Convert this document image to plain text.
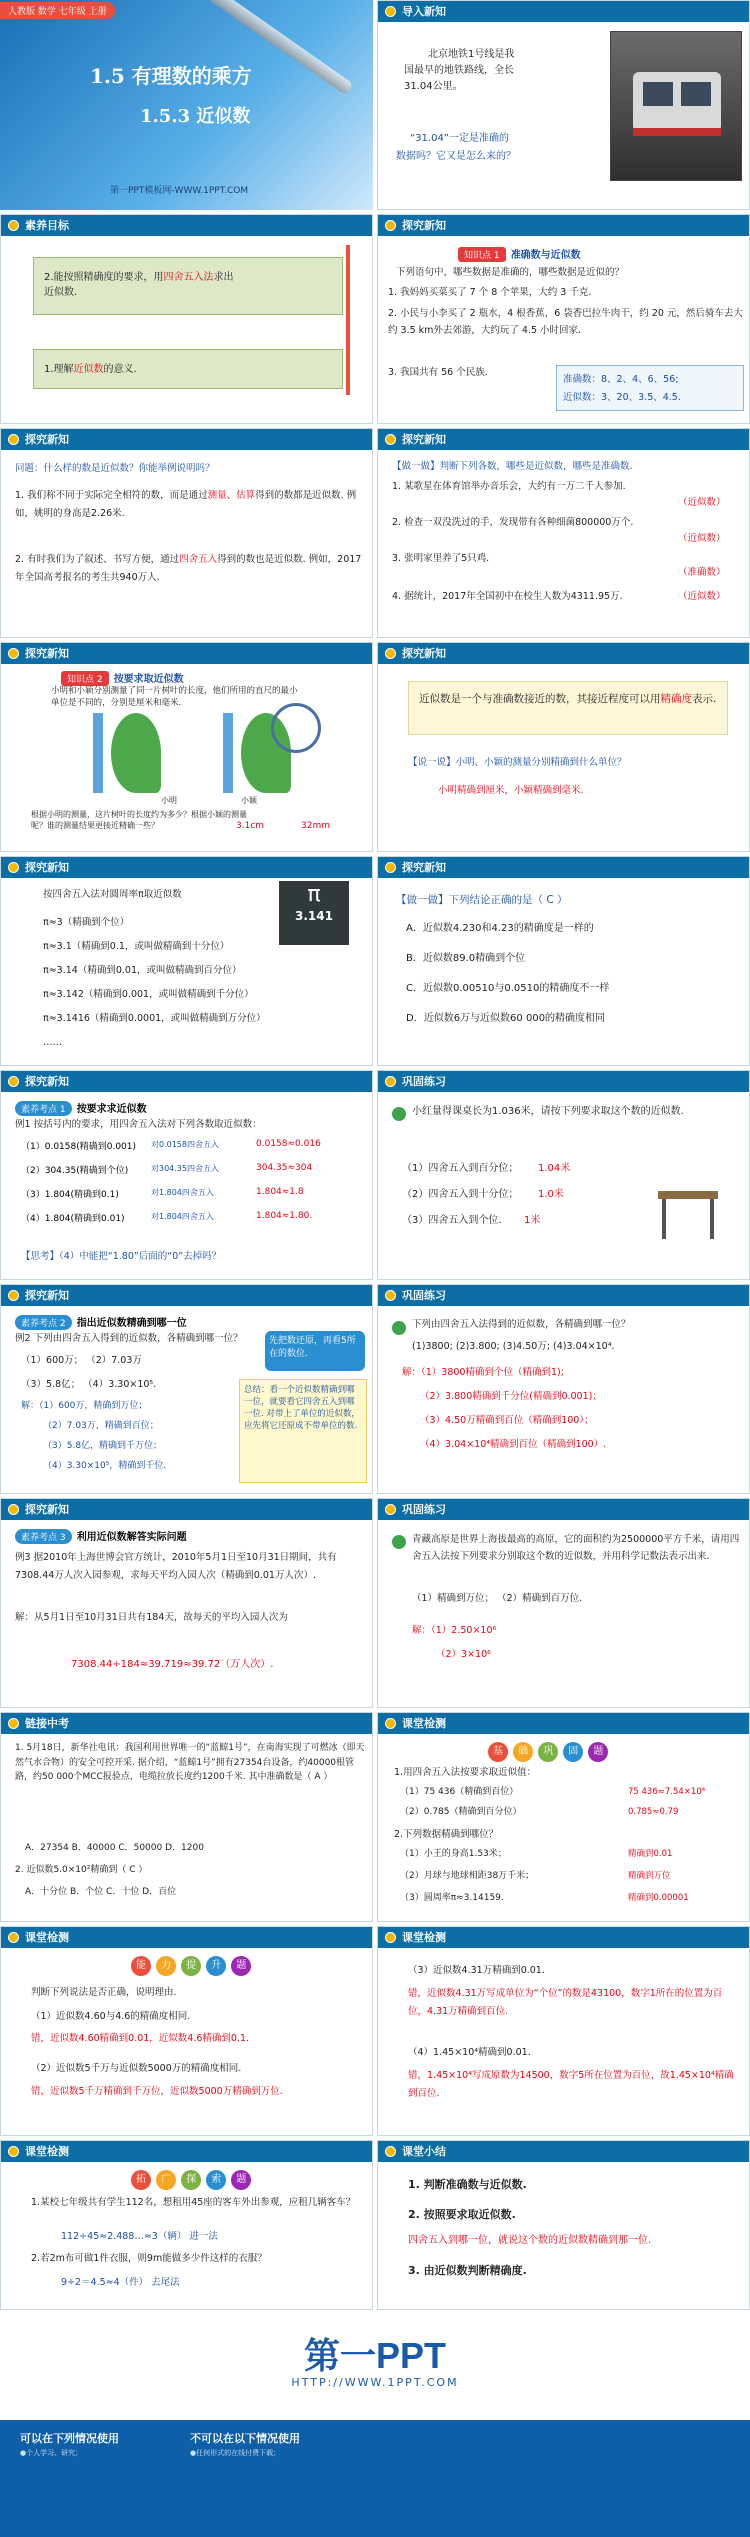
人教版 数学 七年级 上册
1.5 有理数的乘方
1.5.3 近似数
第一PPT模板网-WWW.1PPT.COM
导入新知
北京地铁1号线是我
国最早的地铁路线，全长
31.04公里。
“31.04”一定是准确的
数据吗？它又是怎么来的？
素养目标
2.能按照精确度的要求，用四舍五入法求出
近似数.
1.理解近似数的意义.
探究新知
知识点 1 准确数与近似数
下列语句中，哪些数据是准确的，哪些数据是近似的？
1. 我妈妈买菜买了 7 个 8 个苹果，大约 3 千克.
2. 小民与小李买了 2 瓶水，4 根香蕉，6 袋香巴拉牛肉干，约 20 元，然后骑车去大约 3.5 km外去郊游，大约玩了 4.5 小时回家.
3. 我国共有 56 个民族.
准确数：8、2、4、6、56;
近似数：3、20、3.5、4.5.
探究新知
问题：什么样的数是近似数？你能举例说明吗？
1. 我们称不同于实际完全相符的数，而是通过测量、估算得到的数都是近似数. 例如，姚明的身高是2.26米.
2. 有时我们为了叙述、书写方便，通过四舍五入得到的数也是近似数. 例如，2017年全国高考报名的考生共940万人.
探究新知
【做一做】判断下列各数，哪些是近似数，哪些是准确数.
1. 某歌星在体育馆举办音乐会，大约有一万二千人参加.
（近似数）
2. 检查一双没洗过的手，发现带有各种细菌800000万个.
（近似数）
3. 张明家里养了5只鸡.
（准确数）
4. 据统计，2017年全国初中在校生人数为4311.95万.	（近似数）
探究新知
知识点 2 按要求取近似数
小明和小颖分别测量了同一片树叶的长度，他们所用的直尺的最小单位是不同的，分别是厘米和毫米.
小明	小颖
根据小明的测量，这片树叶的长度约为多少？根据小颖的测量呢？谁的测量结果更接近精确一些？	3.1cm	32mm
探究新知
近似数是一个与准确数接近的数，其接近程度可以用精确度表示.
【说一说】小明、小颖的测量分别精确到什么单位？
小明精确到厘米，小颖精确到毫米.
探究新知
按四舍五入法对圆周率π取近似数	π
3.141
π≈3（精确到个位）
π≈3.1（精确到0.1，或叫做精确到十分位）
π≈3.14（精确到0.01，或叫做精确到百分位）
π≈3.142（精确到0.001，或叫做精确到千分位）
π≈3.1416（精确到0.0001，或叫做精确到万分位）
……
探究新知
【做一做】下列结论正确的是（ C ）
A．近似数4.230和4.23的精确度是一样的
B．近似数89.0精确到个位
C．近似数0.00510与0.0510的精确度不一样
D．近似数6万与近似数60 000的精确度相同
探究新知
素养考点 1 按要求求近似数
例1 按括号内的要求，用四舍五入法对下列各数取近似数：
（1）0.0158(精确到0.001) 对0.0158四舍五入	0.0158≈0.016
（2）304.35(精确到个位)	对304.35四舍五入	304.35≈304
（3）1.804(精确到0.1)	对1.804四舍五入	1.804≈1.8
（4）1.804(精确到0.01)	对1.804四舍五入	1.804≈1.80.
【思考】（4）中能把“1.80”后面的“0”去掉吗？
巩固练习
小红量得课桌长为1.036米，请按下列要求取这个数的近似数.
（1）四舍五入到百分位； 1.04米
（2）四舍五入到十分位； 1.0米
（3）四舍五入到个位. 1米
探究新知
素养考点 2 指出近似数精确到哪一位
例2 下列由四舍五入得到的近似数，各精确到哪一位？
（1）600万； （2）7.03万
（3）5.8亿； （4）3.30×10⁵.
先把数还原，再看5所在的数位.
解：（1）600万，精确到万位；
（2）7.03万，精确到百位；
（3）5.8亿，精确到千万位；
（4）3.30×10⁵，精确到千位.
总结：看一个近似数精确到哪一位，就要看它四舍五入到哪一位. 对带上了单位的近似数，应先将它还原成不带单位的数.
巩固练习
下列由四舍五入法得到的近似数，各精确到哪一位？
(1)3800; (2)3.800; (3)4.50万; (4)3.04×10⁴.
解：（1）3800精确到个位（精确到1);
（2）3.800精确到千分位(精确到0.001)；
（3）4.50万精确到百位（精确到100）；
（4）3.04×10⁴精确到百位（精确到100）.
探究新知
素养考点 3 利用近似数解答实际问题
例3 据2010年上海世博会官方统计，2010年5月1日至10月31日期间，共有7308.44万人次入园参观，求每天平均入园人次（精确到0.01万人次）.
解：从5月1日至10月31日共有184天，故每天的平均入园人次为
7308.44÷184≈39.719≈39.72（万人次）.
巩固练习
青藏高原是世界上海拔最高的高原，它的面积约为2500000平方千米，请用四舍五入法按下列要求分别取这个数的近似数，并用科学记数法表示出来.
（1）精确到万位； （2）精确到百万位.
解：（1）2.50×10⁶
（2）3×10⁶
链接中考
1. 5月18日，新华社电讯：我国利用世界唯一的“蓝鲸1号”，在南海实现了可燃冰（即天然气水合物）的安全可控开采. 据介绍，“蓝鲸1号”拥有27354台设备，约40000根管路，约50 000个MCC报验点，电缆拉放长度约1200千米. 其中准确数是（ A ）
A．27354 B．40000 C．50000 D．1200
2. 近似数5.0×10²精确到（ C ）
A．十分位 B．个位 C．十位 D．百位
课堂检测
基 础 巩 固 题
1.用四舍五入法按要求取近似值：
（1）75 436（精确到百位）	75 436≈7.54×10⁴
（2）0.785（精确到百分位）	0.785≈0.79
2.下列数据精确到哪位？
（1）小王的身高1.53米；	精确到0.01
（2）月球与地球相距38万千米；	精确到万位
（3）圆周率π≈3.14159.	精确到0.00001
课堂检测
能 力 提 升 题
判断下列说法是否正确，说明理由.
（1）近似数4.60与4.6的精确度相同.
错，近似数4.60精确到0.01，近似数4.6精确到0.1.
（2）近似数5千万与近似数5000万的精确度相同.
错，近似数5千万精确到千万位，近似数5000万精确到万位.
课堂检测
（3）近似数4.31万精确到0.01.
错，近似数4.31万写成单位为“个位”的数是43100，数字1所在的位置为百位，4.31万精确到百位.
（4）1.45×10⁴精确到0.01.
错，1.45×10⁴写成原数为14500，数字5所在位置为百位，故1.45×10⁴精确到百位.
课堂检测
拓 广 探 索 题
1.某校七年级共有学生112名，想租用45座的客车外出参观，应租几辆客车？
112÷45≈2.488…≈3（辆） 进一法
2.若2m布可做1件衣服，则9m能做多少件这样的衣服？
9÷2＝4.5≈4（件） 去尾法
课堂小结
1. 判断准确数与近似数.
2. 按照要求取近似数.
四舍五入到哪一位，就说这个数的近似数精确到那一位.
3. 由近似数判断精确度.
第一PPT
HTTP://WWW.1PPT.COM
可以在下列情况使用	不可以在以下情况使用
●个人学习、研究；	●任何形式的在线付费下载；
